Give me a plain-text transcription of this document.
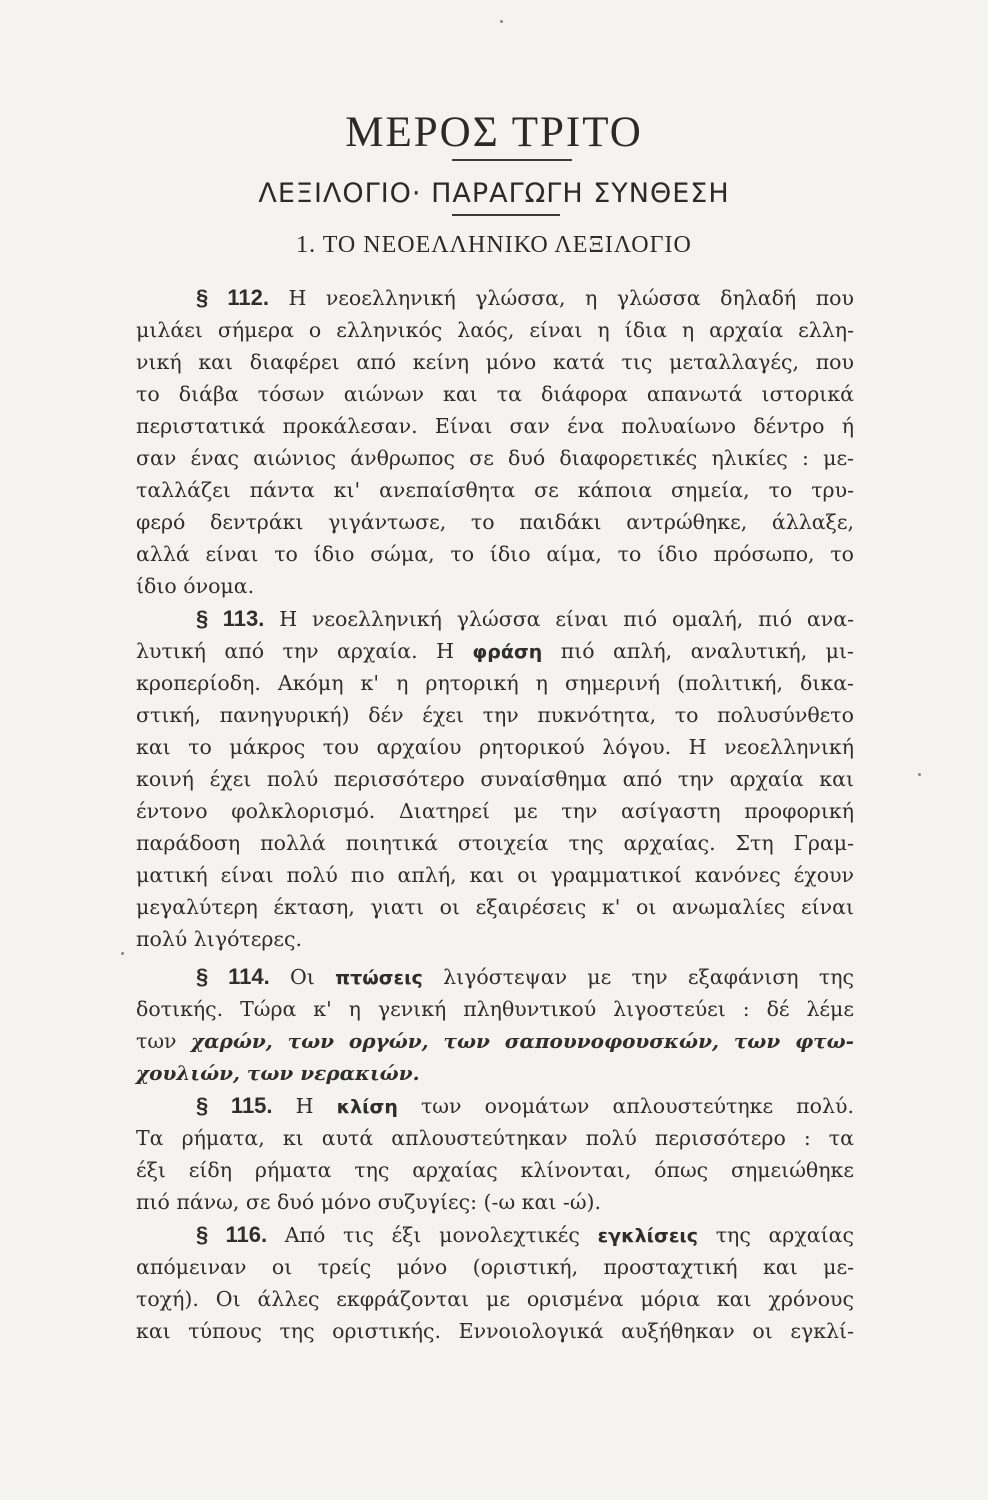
ΜΕΡΟΣ ΤΡΙΤΟ
ΛΕΞΙΛΟΓΙΟ· ΠΑΡΑΓΩΓΗ ΣΥΝΘΕΣΗ
1. ΤΟ ΝΕΟΕΛΛΗΝΙΚΟ ΛΕΞΙΛΟΓΙΟ
§ 112. Η νεοελληνική γλώσσα, η γλώσσα δηλαδή που
μιλάει σήμερα ο ελληνικός λαός, είναι η ίδια η αρχαία ελλη-
νική και διαφέρει από κείνη μόνο κατά τις μεταλλαγές, που
το διάβα τόσων αιώνων και τα διάφορα απανωτά ιστορικά
περιστατικά προκάλεσαν. Είναι σαν ένα πολυαίωνο δέντρο ή
σαν ένας αιώνιος άνθρωπος σε δυό διαφορετικές ηλικίες : με-
ταλλάζει πάντα κι' ανεπαίσθητα σε κάποια σημεία, το τρυ-
φερό δεντράκι γιγάντωσε, το παιδάκι αντρώθηκε, άλλαξε,
αλλά είναι το ίδιο σώμα, το ίδιο αίμα, το ίδιο πρόσωπο, το
ίδιο όνομα.
§ 113. Η νεοελληνική γλώσσα είναι πιό ομαλή, πιό ανα-
λυτική από την αρχαία. Η φράση πιό απλή, αναλυτική, μι-
κροπερίοδη. Ακόμη κ' η ρητορική η σημερινή (πολιτική, δικα-
στική, πανηγυρική) δέν έχει την πυκνότητα, το πολυσύνθετο
και το μάκρος του αρχαίου ρητορικού λόγου. Η νεοελληνική
κοινή έχει πολύ περισσότερο συναίσθημα από την αρχαία και
έντονο φολκλορισμό. Διατηρεί με την ασίγαστη προφορική
παράδοση πολλά ποιητικά στοιχεία της αρχαίας. Στη Γραμ-
ματική είναι πολύ πιο απλή, και οι γραμματικοί κανόνες έχουν
μεγαλύτερη έκταση, γιατι οι εξαιρέσεις κ' οι ανωμαλίες είναι
πολύ λιγότερες.
§ 114. Οι πτώσεις λιγόστεψαν με την εξαφάνιση της
δοτικής. Τώρα κ' η γενική πληθυντικού λιγοστεύει : δέ λέμε
των χαρών, των οργών, των σαπουνοφουσκών, των φτω-
χουλιών, των νερακιών.
§ 115. Η κλίση των ονομάτων απλουστεύτηκε πολύ.
Τα ρήματα, κι αυτά απλουστεύτηκαν πολύ περισσότερο : τα
έξι είδη ρήματα της αρχαίας κλίνονται, όπως σημειώθηκε
πιό πάνω, σε δυό μόνο συζυγίες: (-ω και -ώ).
§ 116. Από τις έξι μονολεχτικές εγκλίσεις της αρχαίας
απόμειναν οι τρείς μόνο (οριστική, προσταχτική και με-
τοχή). Οι άλλες εκφράζονται με ορισμένα μόρια και χρόνους
και τύπους της οριστικής. Εννοιολογικά αυξήθηκαν οι εγκλί-
